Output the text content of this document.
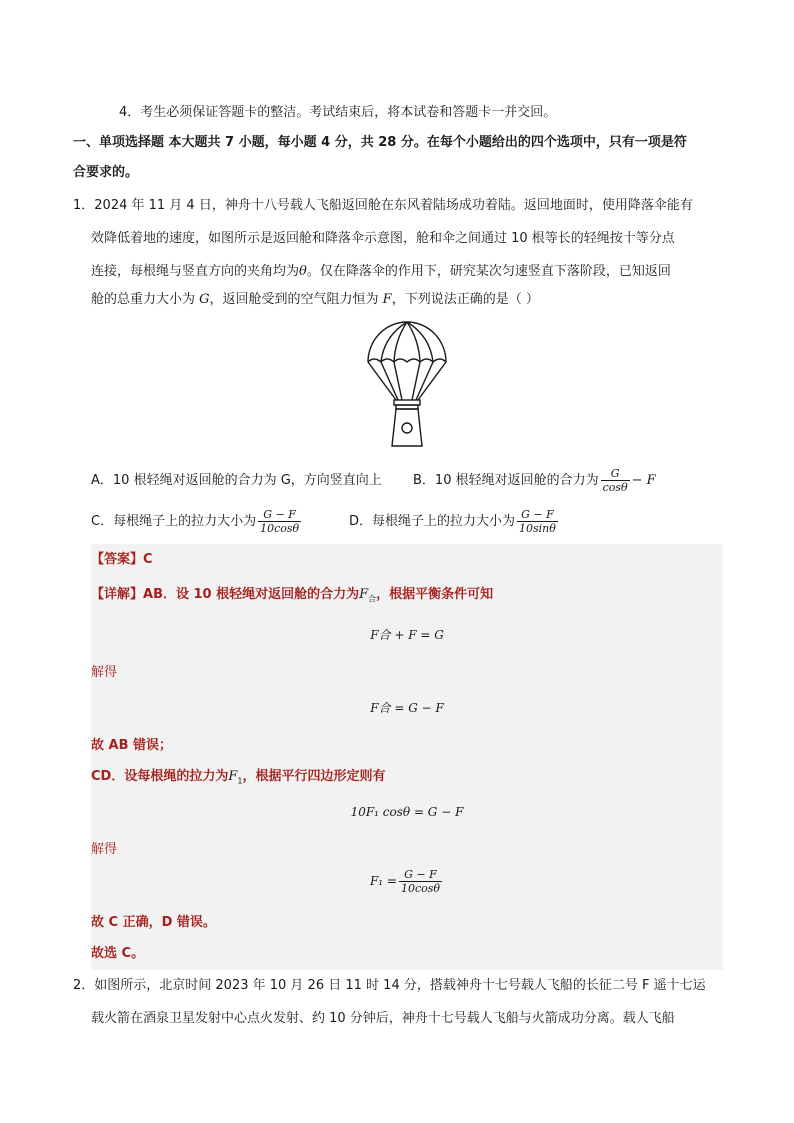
4．考生必须保证答题卡的整洁。考试结束后，将本试卷和答题卡一并交回。
一、单项选择题 本大题共 7 小题，每小题 4 分，共 28 分。在每个小题给出的四个选项中，只有一项是符
合要求的。
1．2024 年 11 月 4 日，神舟十八号载人飞船返回舱在东风着陆场成功着陆。返回地面时，使用降落伞能有
效降低着地的速度，如图所示是返回舱和降落伞示意图，舱和伞之间通过 10 根等长的轻绳按十等分点
连接，每根绳与竖直方向的夹角均为θ。仅在降落伞的作用下，研究某次匀速竖直下落阶段，已知返回
舱的总重力大小为 G，返回舱受到的空气阻力恒为 F，下列说法正确的是（ ）
A．10 根轻绳对返回舱的合力为 G，方向竖直向上 B．10 根轻绳对返回舱的合力为 $\frac{G}{\cos\theta} - F$
C．每根绳子上的拉力大小为 $\frac{G - F}{10\cos\theta}$	D．每根绳子上的拉力大小为 $\frac{G - F}{10\sin\theta}$
【答案】C
【详解】AB．设 10 根轻绳对返回舱的合力为$F_合$，根据平衡条件可知
F合 + F = G
解得
F合 = G − F
故 AB 错误；
CD．设每根绳的拉力为$F_1$，根据平行四边形定则有
10F₁ cosθ = G − F
解得
$F_1 = \frac{G - F}{10\cos\theta}$
故 C 正确，D 错误。
故选 C。
2．如图所示，北京时间 2023 年 10 月 26 日 11 时 14 分，搭载神舟十七号载人飞船的长征二号 F 遥十七运
载火箭在酒泉卫星发射中心点火发射、约 10 分钟后，神舟十七号载人飞船与火箭成功分离。载人飞船
